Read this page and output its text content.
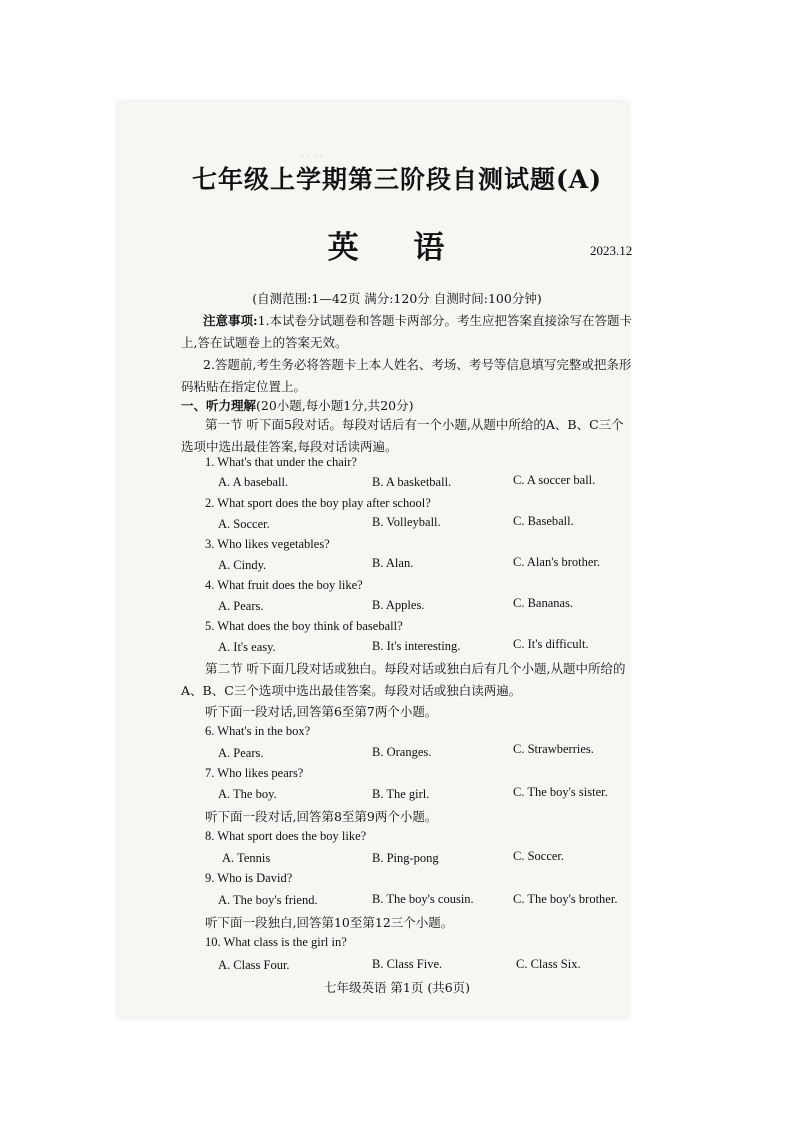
· · · ·
七年级上学期第三阶段自测试题(A)
英 语	2023.12
(自测范围:1—42页 满分:120分 自测时间:100分钟)
注意事项:1.本试卷分试题卷和答题卡两部分。考生应把答案直接涂写在答题卡上,答在试题卷上的答案无效。
2.答题前,考生务必将答题卡上本人姓名、考场、考号等信息填写完整或把条形码粘贴在指定位置上。
一、听力理解(20小题,每小题1分,共20分)
第一节 听下面5段对话。每段对话后有一个小题,从题中所给的A、B、C三个选项中选出最佳答案,每段对话读两遍。
1. What's that under the chair?
A. A baseball.	B. A basketball.	C. A soccer ball.
2. What sport does the boy play after school?
A. Soccer.	B. Volleyball.	C. Baseball.
3. Who likes vegetables?
A. Cindy.	B. Alan.	C. Alan's brother.
4. What fruit does the boy like?
A. Pears.	B. Apples.	C. Bananas.
5. What does the boy think of baseball?
A. It's easy.	B. It's interesting.	C. It's difficult.
第二节 听下面几段对话或独白。每段对话或独白后有几个小题,从题中所给的A、B、C三个选项中选出最佳答案。每段对话或独白读两遍。
听下面一段对话,回答第6至第7两个小题。
6. What's in the box?
A. Pears.	B. Oranges.	C. Strawberries.
7. Who likes pears?
A. The boy.	B. The girl.	C. The boy's sister.
听下面一段对话,回答第8至第9两个小题。
8. What sport does the boy like?
A. Tennis	B. Ping-pong	C. Soccer.
9. Who is David?
A. The boy's friend.	B. The boy's cousin.	C. The boy's brother.
听下面一段独白,回答第10至第12三个小题。
10. What class is the girl in?
A. Class Four.	B. Class Five.	C. Class Six.
七年级英语 第1页 (共6页)
